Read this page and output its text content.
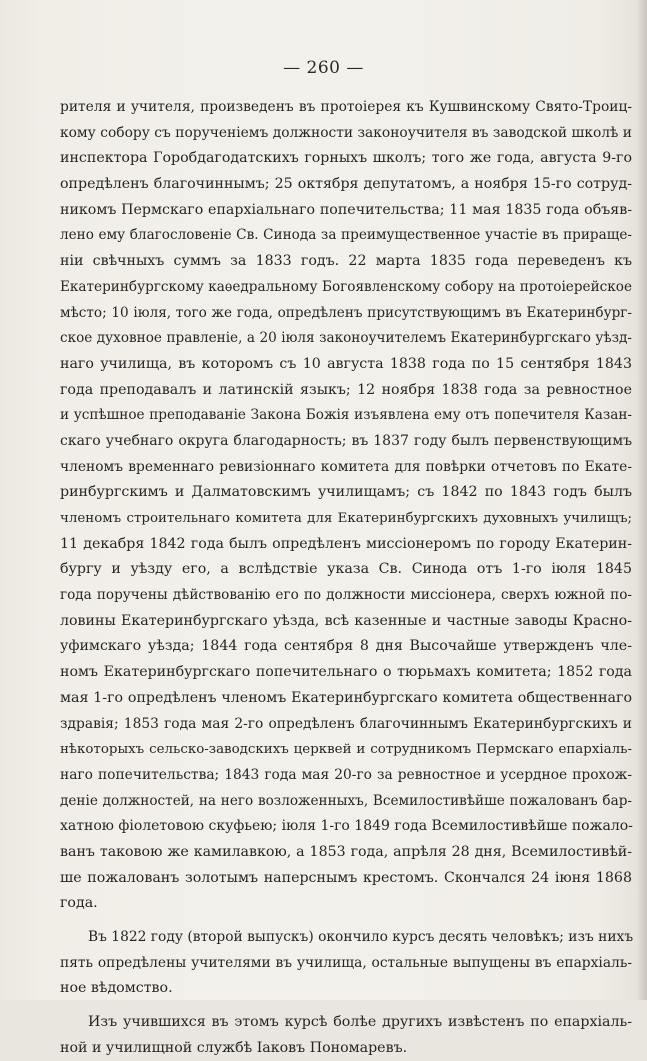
— 260 —
рителя и учителя, произведенъ въ протоіерея къ Кушвинскому Свято-Троиц-
кому собору съ порученіемъ должности законоучителя въ заводской школѣ и
инспектора Горобдагодатскихъ горныхъ школъ; того же года, августа 9-го
опредѣленъ благочиннымъ; 25 октября депутатомъ, а ноября 15-го сотруд-
никомъ Пермскаго епархіальнаго попечительства; 11 мая 1835 года объяв-
лено ему благословеніе Св. Синода за преимущественное участіе въ приращe-
ніи свѣчныхъ суммъ за 1833 годъ. 22 марта 1835 года переведенъ къ
Екатеринбургскому каѳедральному Богоявленскому собору на протоіерейское
мѣсто; 10 іюля, того же года, опредѣленъ присутствующимъ въ Екатеринбург-
ское духовное правленіе, а 20 іюля законоучителемъ Екатеринбургскаго уѣзд-
наго училища, въ которомъ съ 10 августа 1838 года по 15 сентября 1843
года преподавалъ и латинскій языкъ; 12 ноября 1838 года за ревностное
и успѣшное преподаваніе Закона Божія изъявлена ему отъ попечителя Казан-
скаго учебнаго округа благодарность; въ 1837 году былъ первенствующимъ
членомъ временнаго ревизіоннаго комитета для повѣрки отчетовъ по Екате-
ринбургскимъ и Далматовскимъ училищамъ; съ 1842 по 1843 годъ былъ
членомъ строительнаго комитета для Екатеринбургскихъ духовныхъ училищъ;
11 декабря 1842 года былъ опредѣленъ миссіонеромъ по городу Екатерин-
бургу и уѣзду его, а вслѣдствіе указа Св. Синода отъ 1-го іюля 1845
года поручены дѣйствованію его по должности миссіонера, сверхъ южной по-
ловины Екатеринбургскаго уѣзда, всѣ казенные и частные заводы Красно-
уфимскаго уѣзда; 1844 года сентября 8 дня Высочайше утвержденъ чле-
номъ Екатеринбургскаго попечительнаго о тюрьмахъ комитета; 1852 года
мая 1-го опредѣленъ членомъ Екатеринбургскаго комитета общественнаго
здравія; 1853 года мая 2-го опредѣленъ благочиннымъ Екатеринбургскихъ и
нѣкоторыхъ сельско-заводскихъ церквей и сотрудникомъ Пермскаго епархіаль-
наго попечительства; 1843 года мая 20-го за ревностное и усердное прохож-
деніе должностей, на него возложенныхъ, Всемилостивѣйше пожалованъ бар-
хатною фіолетовою скуфьею; іюля 1-го 1849 года Всемилостивѣйше пожало-
ванъ таковою же камилавкою, а 1853 года, апрѣля 28 дня, Всемилостивѣй-
ше пожалованъ золотымъ наперснымъ крестомъ. Скончался 24 іюня 1868
года.
Въ 1822 году (второй выпускъ) окончило курсъ десять человѣкъ; изъ нихъ
пять опредѣлены учителями въ училища, остальные выпущены въ епархіаль-
ное вѣдомство.
Изъ учившихся въ этомъ курсѣ болѣе другихъ извѣстенъ по епархіаль-
ной и училищной службѣ Іаковъ Пономаревъ.
